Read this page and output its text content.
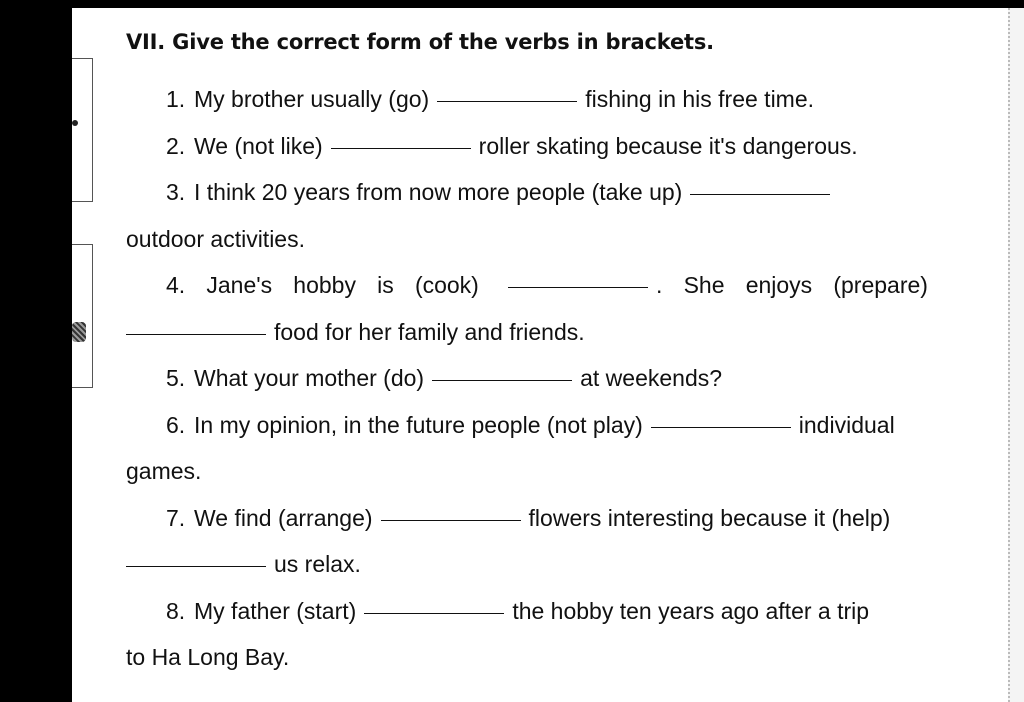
VII. Give the correct form of the verbs in brackets.
1. My brother usually (go)	fishing in his free time.
2. We (not like)	roller skating because it's dangerous.
3. I think 20 years from now more people (take up)
outdoor activities.
4. Jane's hobby is (cook)	. She enjoys (prepare)
food for her family and friends.
5. What your mother (do)	at weekends?
6. In my opinion, in the future people (not play)	individual
games.
7. We find (arrange)	flowers interesting because it (help)
us relax.
8. My father (start)	the hobby ten years ago after a trip
to Ha Long Bay.
